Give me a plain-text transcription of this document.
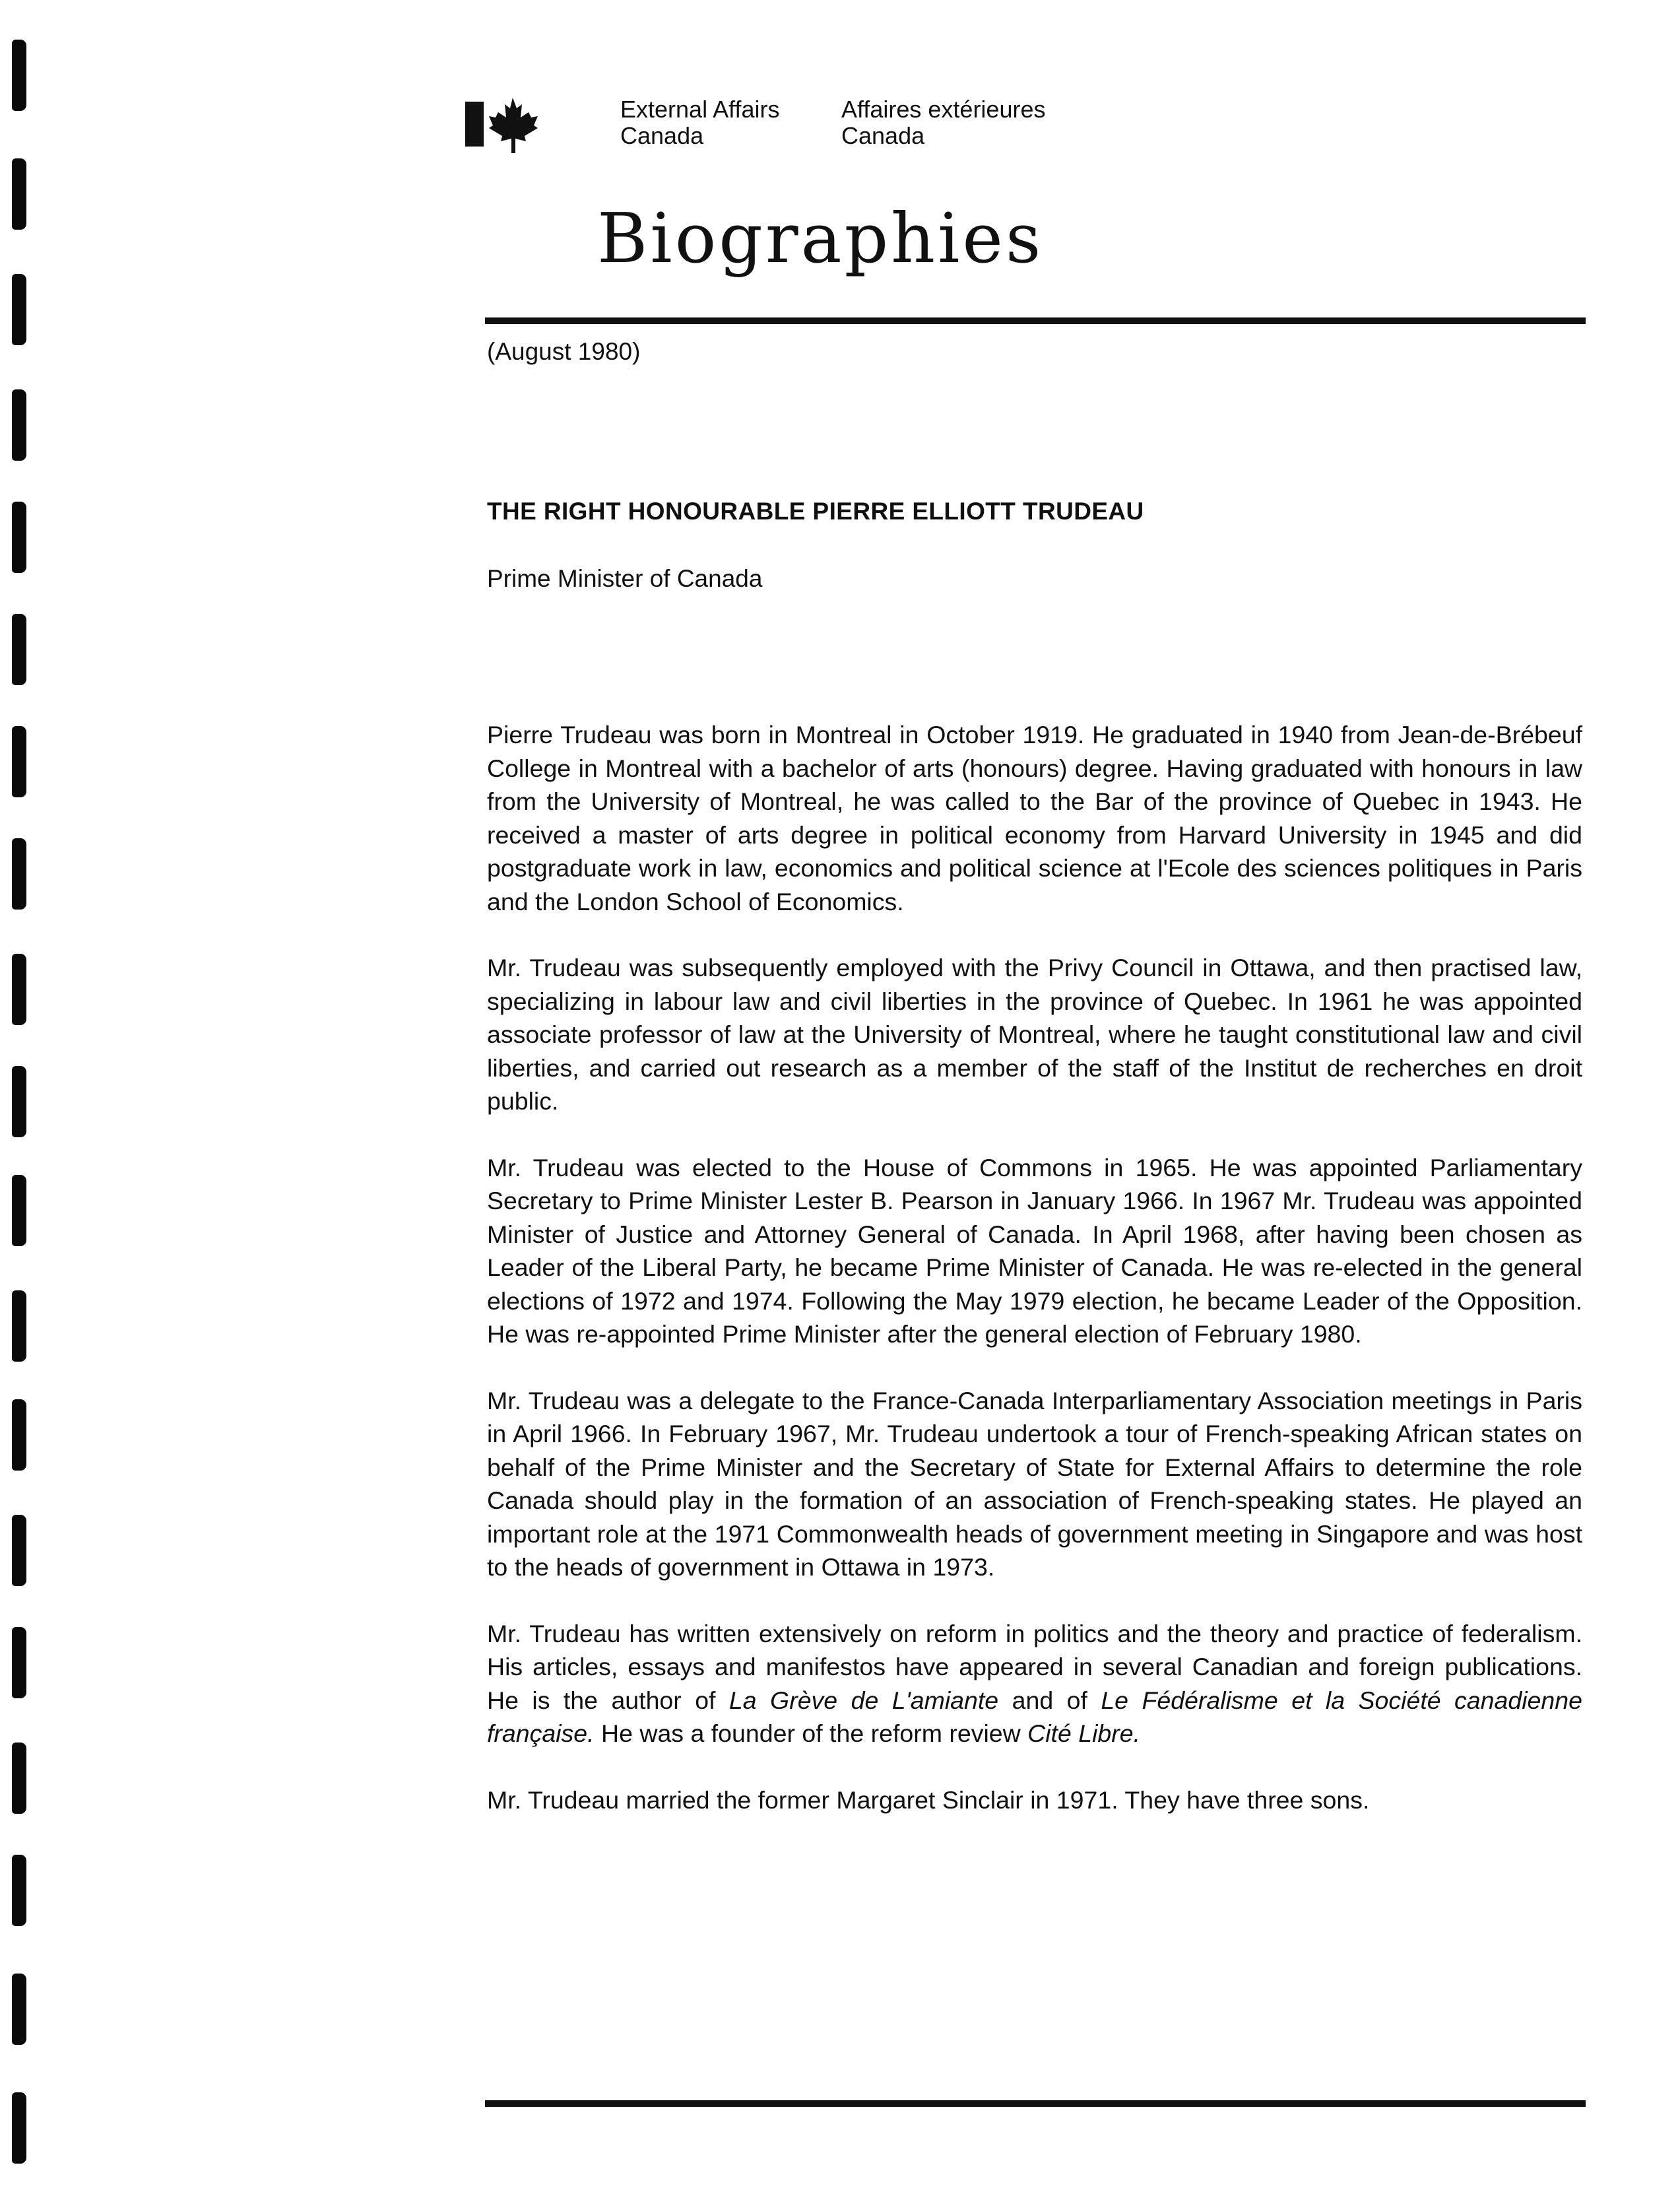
External Affairs
Canada
Affaires extérieures
Canada
Biographies

(August 1980)

THE RIGHT HONOURABLE PIERRE ELLIOTT TRUDEAU

Prime Minister of Canada

Pierre Trudeau was born in Montreal in October 1919. He graduated in 1940 from Jean-de-Brébeuf College in Montreal with a bachelor of arts (honours) degree. Having graduated with honours in law from the University of Montreal, he was called to the Bar of the province of Quebec in 1943. He received a master of arts degree in political economy from Harvard University in 1945 and did postgraduate work in law, economics and political science at l'Ecole des sciences politiques in Paris and the London School of Economics.

Mr. Trudeau was subsequently employed with the Privy Council in Ottawa, and then practised law, specializing in labour law and civil liberties in the province of Quebec. In 1961 he was appointed associate professor of law at the University of Montreal, where he taught constitutional law and civil liberties, and carried out research as a member of the staff of the Institut de recherches en droit public.

Mr. Trudeau was elected to the House of Commons in 1965. He was appointed Parliamentary Secretary to Prime Minister Lester B. Pearson in January 1966. In 1967 Mr. Trudeau was appointed Minister of Justice and Attorney General of Canada. In April 1968, after having been chosen as Leader of the Liberal Party, he became Prime Minister of Canada. He was re-elected in the general elections of 1972 and 1974. Following the May 1979 election, he became Leader of the Opposition. He was re-appointed Prime Minister after the general election of February 1980.

Mr. Trudeau was a delegate to the France-Canada Interparliamentary Association meetings in Paris in April 1966. In February 1967, Mr. Trudeau undertook a tour of French-speaking African states on behalf of the Prime Minister and the Secretary of State for External Affairs to determine the role Canada should play in the formation of an association of French-speaking states. He played an important role at the 1971 Commonwealth heads of government meeting in Singapore and was host to the heads of government in Ottawa in 1973.

Mr. Trudeau has written extensively on reform in politics and the theory and practice of federalism. His articles, essays and manifestos have appeared in several Canadian and foreign publications. He is the author of La Grève de L'amiante and of Le Fédéralisme et la Société canadienne française. He was a founder of the reform review Cité Libre.

Mr. Trudeau married the former Margaret Sinclair in 1971. They have three sons.
